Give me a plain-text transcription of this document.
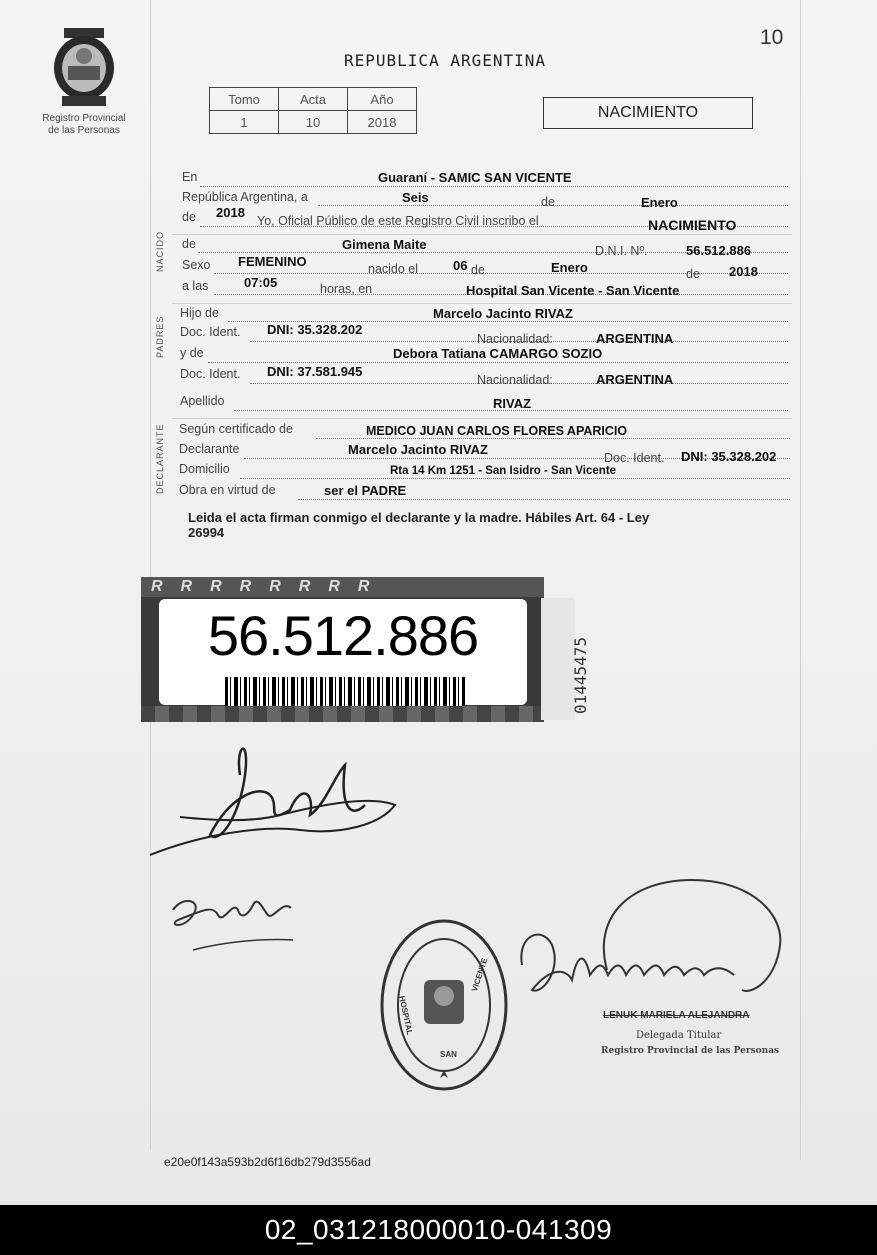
10
Registro Provincial
de las Personas
REPUBLICA ARGENTINA
Tomo	Acta	Año
1	10	2018
NACIMIENTO
NACIDO
PADRES
DECLARANTE
En	Guaraní - SAMIC SAN VICENTE
República Argentina, a	Seis	de	Enero
de 2018
Yo, Oficial Público de este Registro Civil inscribo el	NACIMIENTO
de	Gimena Maite	D.N.I. Nº.	56.512.886
Sexo FEMENINO	nacido el	06 de	Enero	de 2018
a las	07:05	horas, en	Hospital San Vicente - San Vicente
Hijo de	Marcelo Jacinto RIVAZ
Doc. Ident. DNI: 35.328.202
Nacionalidad:	ARGENTINA
y de	Debora Tatiana CAMARGO SOZIO
Doc. Ident. DNI: 37.581.945
Nacionalidad:	ARGENTINA
Apellido	RIVAZ
Según certificado de	MEDICO JUAN CARLOS FLORES APARICIO
Declarante	Marcelo Jacinto RIVAZ
Doc. Ident. DNI: 35.328.202
Domicilio	Rta 14 Km 1251 - San Isidro - San Vicente
Obra en virtud de	ser el PADRE
Leida el acta firman conmigo el declarante y la madre. Hábiles Art. 64 - Ley
26994
RRRRRRRR
56.512.886
01445475
HOSPITAL
VICENTE
SAN
LENUK MARIELA ALEJANDRA
Delegada Titular
Registro Provincial de las Personas
e20e0f143a593b2d6f16db279d3556ad
02_031218000010-041309
